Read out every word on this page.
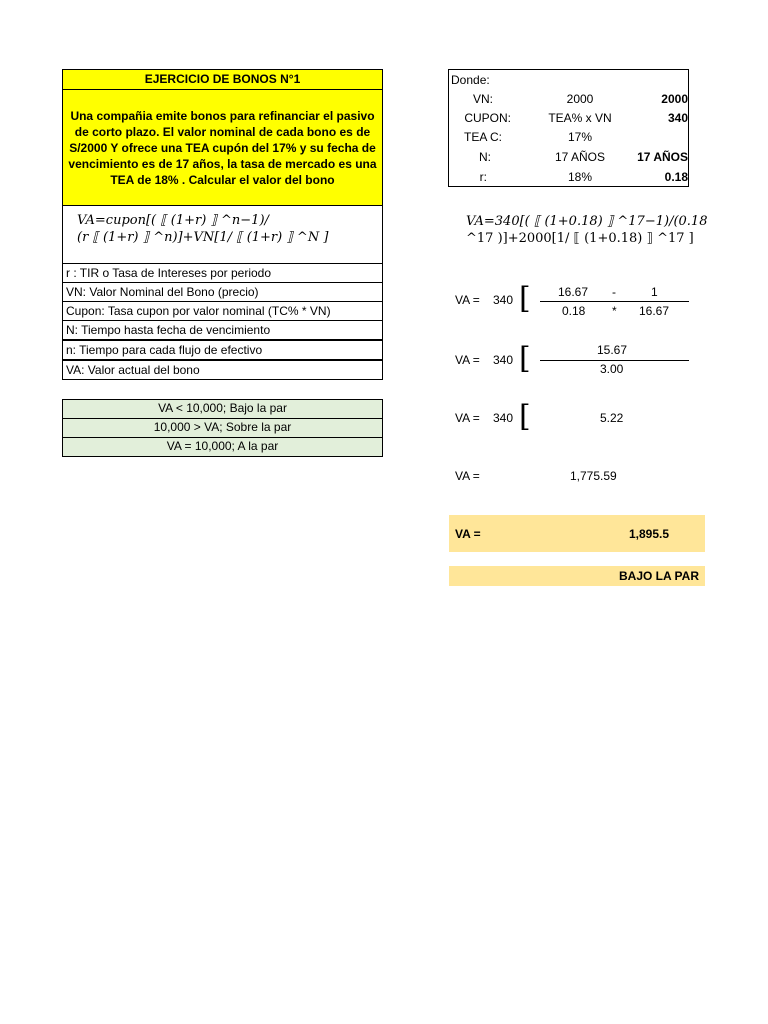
EJERCICIO DE BONOS N°1
Una compañia emite bonos para refinanciar el pasivo de corto plazo. El valor nominal de cada bono es de S/2000 Y ofrece una TEA cupón del 17% y su fecha de vencimiento es de 17 años, la tasa de mercado es una TEA de 18% . Calcular el valor del bono
VA=cupon[( ⟦ (1+r) ⟧ ^n−1)/
(r ⟦ (1+r) ⟧ ^n)]+VN[1/ ⟦ (1+r) ⟧ ^N ]
r : TIR o Tasa de Intereses por periodo
VN: Valor Nominal del Bono (precio)
Cupon: Tasa cupon por valor nominal (TC% * VN)
N: Tiempo hasta fecha de vencimiento
n: Tiempo para cada flujo de efectivo
VA: Valor actual del bono
VA < 10,000; Bajo la par
10,000 > VA; Sobre la par
VA = 10,000; A la par
Donde:
VN:	2000	2000
CUPON:	TEA% x VN	340
TEA C:	17%
N:	17 AÑOS	17 AÑOS
r:	18%	0.18
VA=340[( ⟦ (1+0.18) ⟧ ^17−1)/(0.18
^17 )]+2000[1/ ⟦ (1+0.18) ⟧ ^17 ]
VA = 340 [ 16.67 -	1
0.18 * 16.67
VA = 340 [	15.67
3.00
VA = 340 [	5.22
VA =	1,775.59
VA =	1,895.5
BAJO LA PAR
